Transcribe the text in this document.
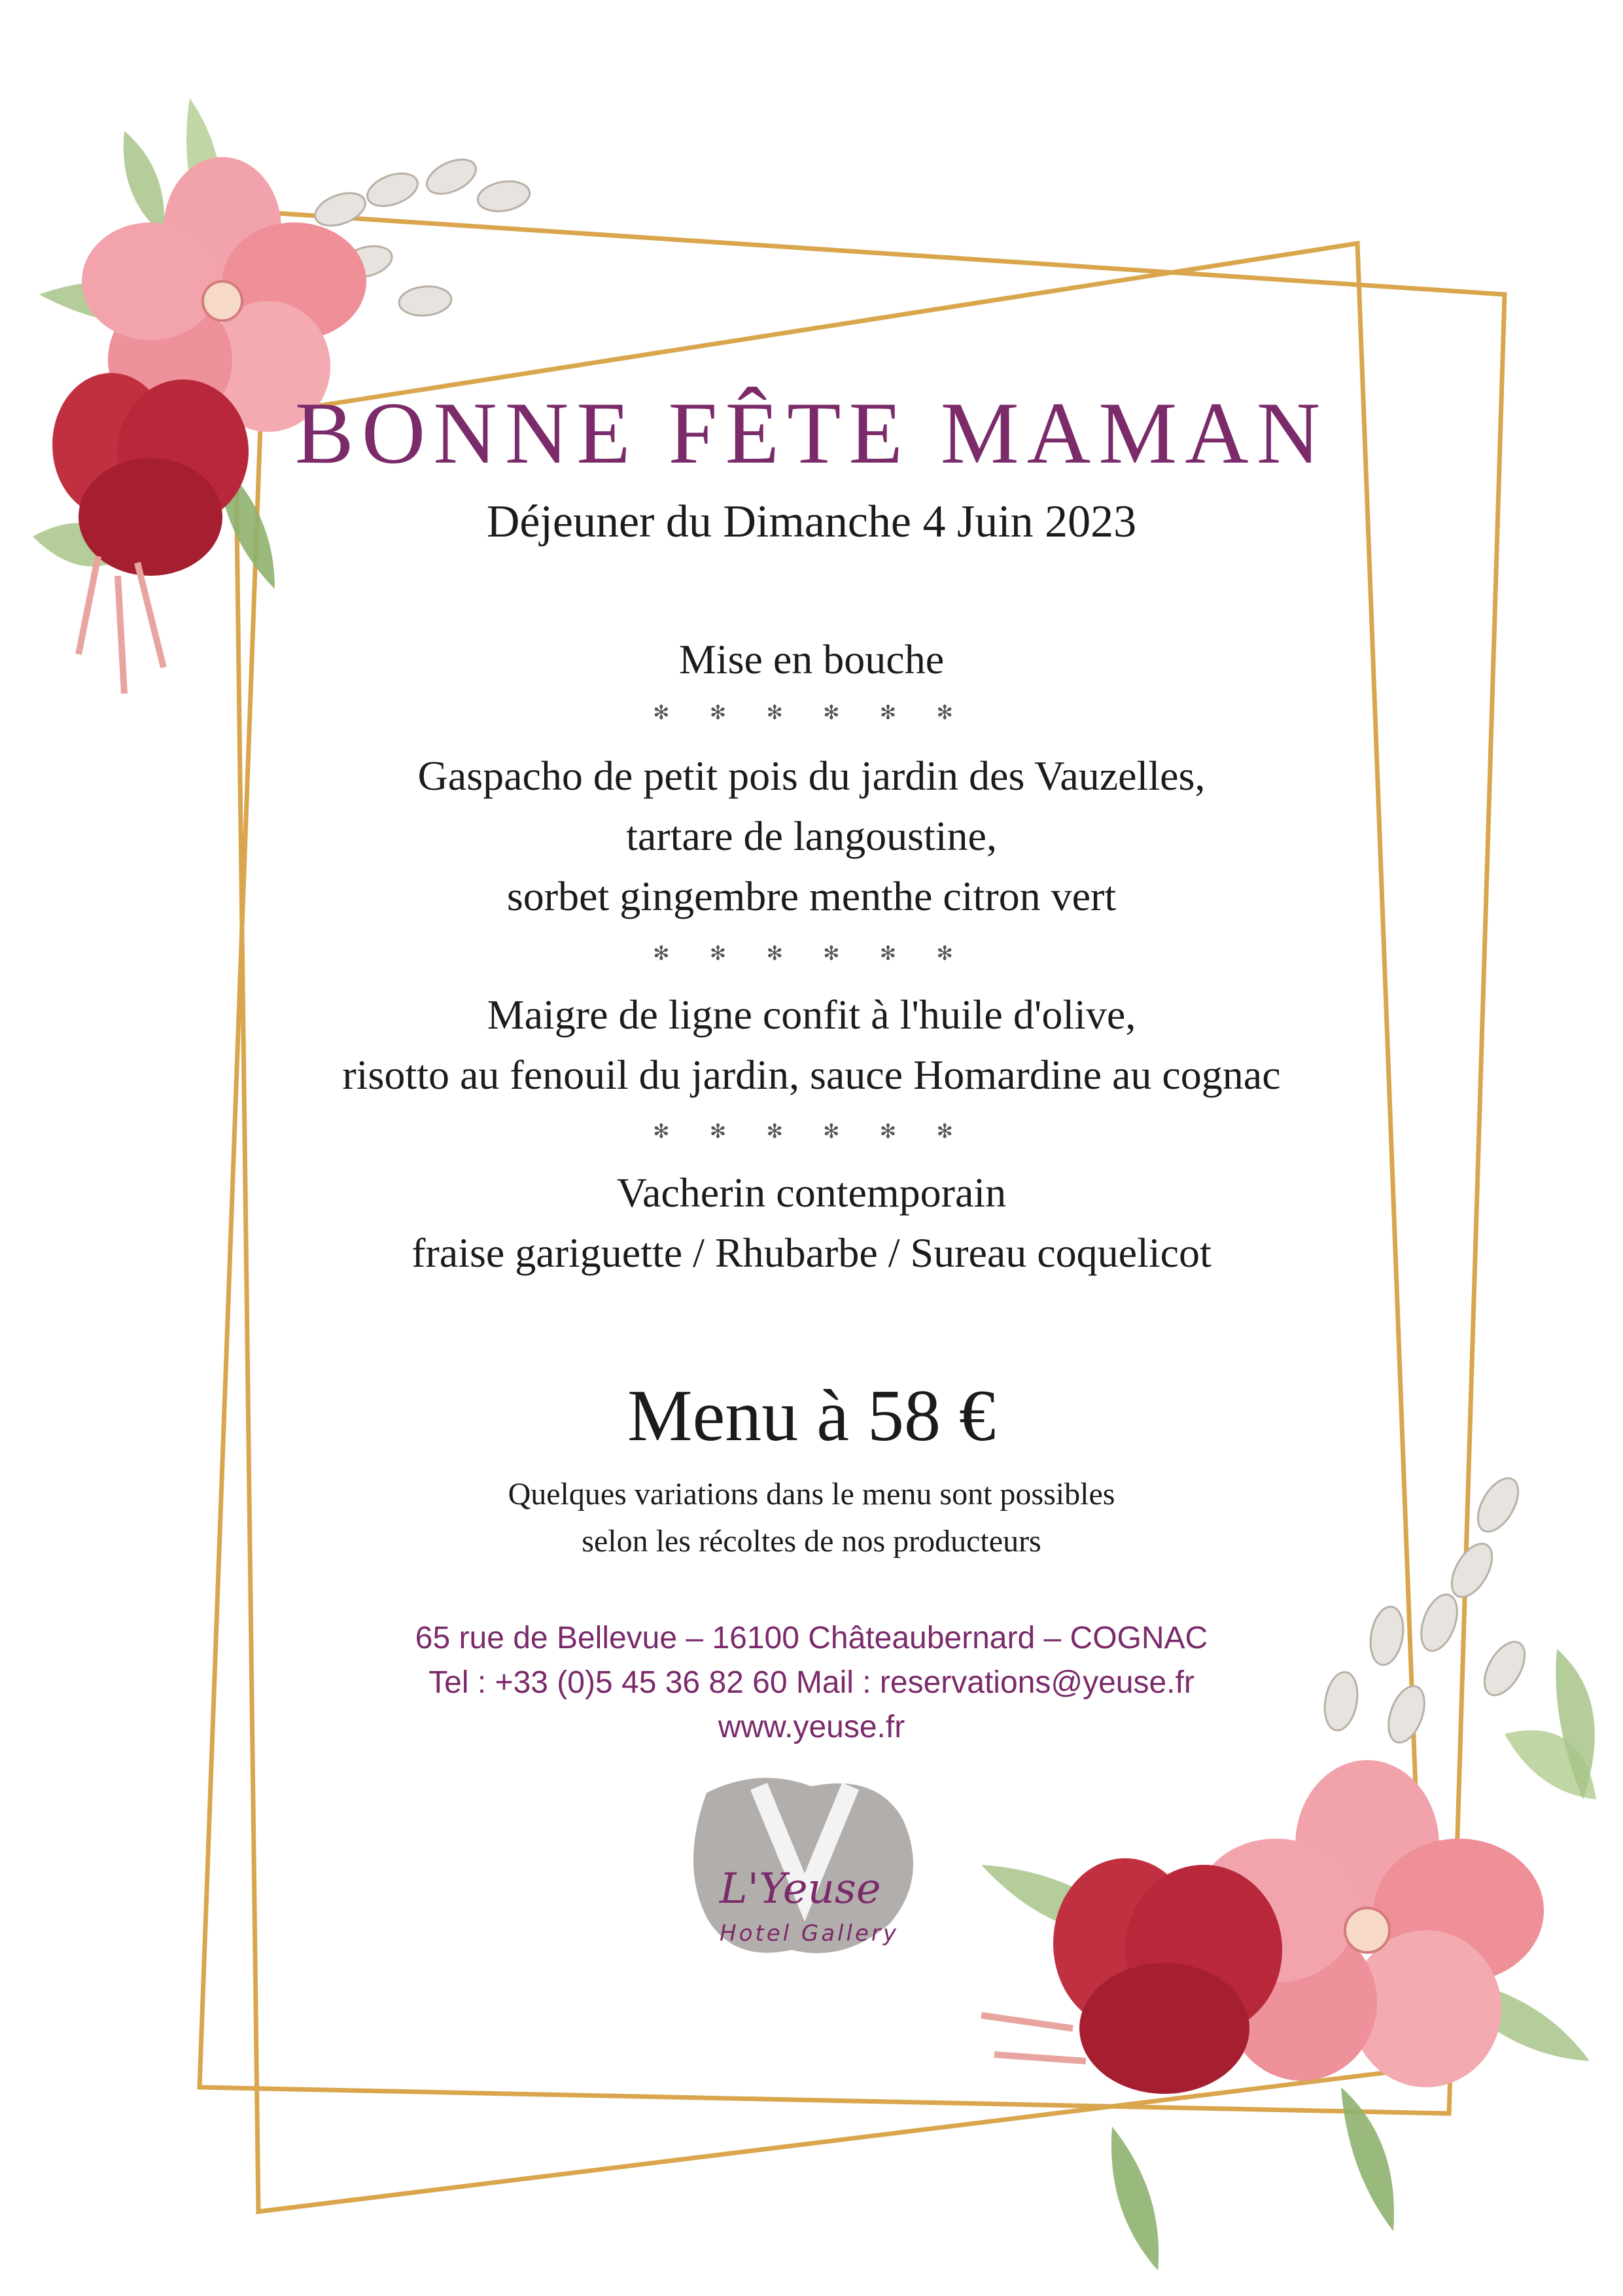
BONNE FÊTE MAMAN
Déjeuner du Dimanche 4 Juin 2023
Mise en bouche
✻ ✻ ✻ ✻ ✻ ✻
Gaspacho de petit pois du jardin des Vauzelles,
tartare de langoustine,
sorbet gingembre menthe citron vert
✻ ✻ ✻ ✻ ✻ ✻
Maigre de ligne confit à l'huile d'olive,
risotto au fenouil du jardin, sauce Homardine au cognac
✻ ✻ ✻ ✻ ✻ ✻
Vacherin contemporain
fraise gariguette / Rhubarbe / Sureau coquelicot
Menu à 58 €
Quelques variations dans le menu sont possibles
selon les récoltes de nos producteurs
65 rue de Bellevue – 16100 Châteaubernard – COGNAC
Tel : +33 (0)5 45 36 82 60 Mail : reservations@yeuse.fr
www.yeuse.fr
L'Yeuse
Hotel Gallery
